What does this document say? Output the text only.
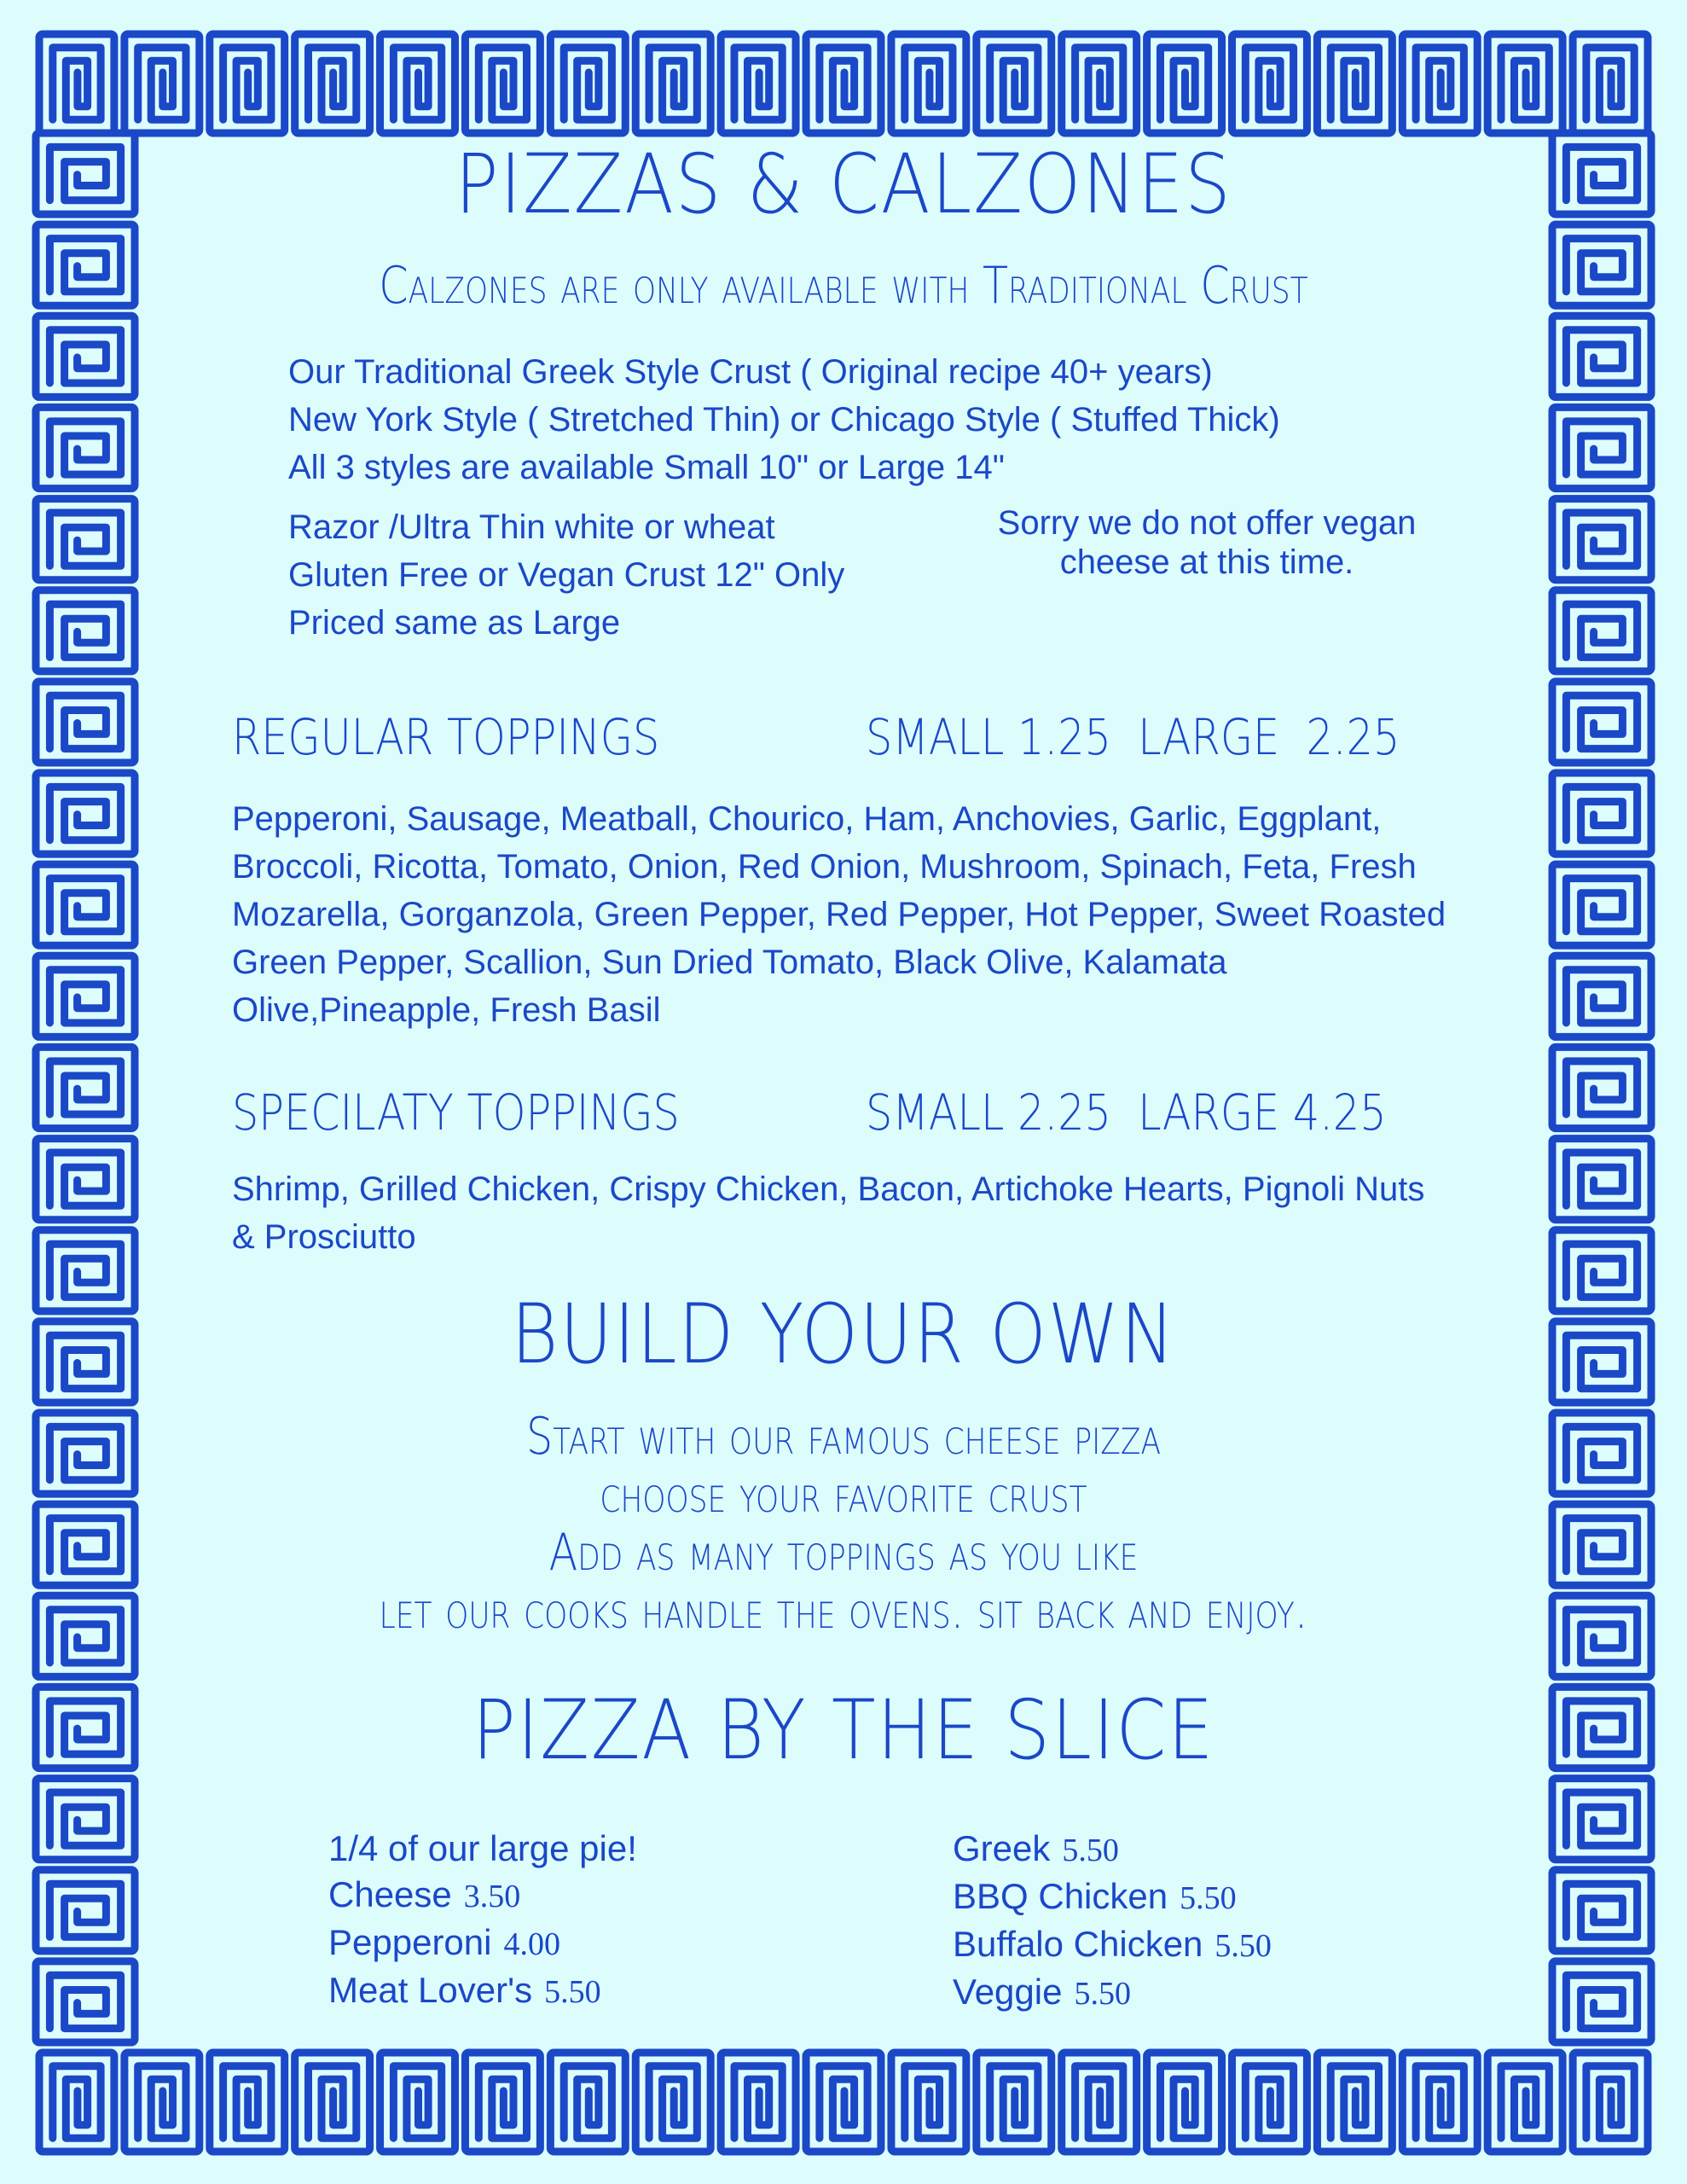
PIZZAS & CALZONES
Calzones are only available with Traditional Crust
Our Traditional Greek Style Crust ( Original recipe 40+ years)
New York Style ( Stretched Thin) or Chicago Style ( Stuffed Thick)
All 3 styles are available Small 10" or Large 14"
Razor /Ultra Thin white or wheat
Gluten Free or Vegan Crust 12" Only
Priced same as Large
Sorry we do not offer vegan
cheese at this time.
REGULAR TOPPINGS	SMALL 1.25  LARGE  2.25
Pepperoni, Sausage, Meatball, Chourico, Ham, Anchovies, Garlic, Eggplant,
Broccoli, Ricotta, Tomato, Onion, Red Onion, Mushroom, Spinach, Feta, Fresh
Mozarella, Gorganzola, Green Pepper, Red Pepper, Hot Pepper, Sweet Roasted
Green Pepper, Scallion, Sun Dried Tomato, Black Olive, Kalamata
Olive,Pineapple, Fresh Basil
SPECILATY TOPPINGS	SMALL 2.25  LARGE 4.25
Shrimp, Grilled Chicken, Crispy Chicken, Bacon, Artichoke Hearts, Pignoli Nuts
& Prosciutto
BUILD YOUR OWN
Start with our famous cheese pizza
choose your favorite crust
Add as many toppings as you like
let our cooks handle the ovens. sit back and enjoy.
PIZZA BY THE SLICE
1/4 of our large pie!
Cheese 3.50
Pepperoni 4.00
Meat Lover's 5.50
Greek 5.50
BBQ Chicken 5.50
Buffalo Chicken 5.50
Veggie 5.50
